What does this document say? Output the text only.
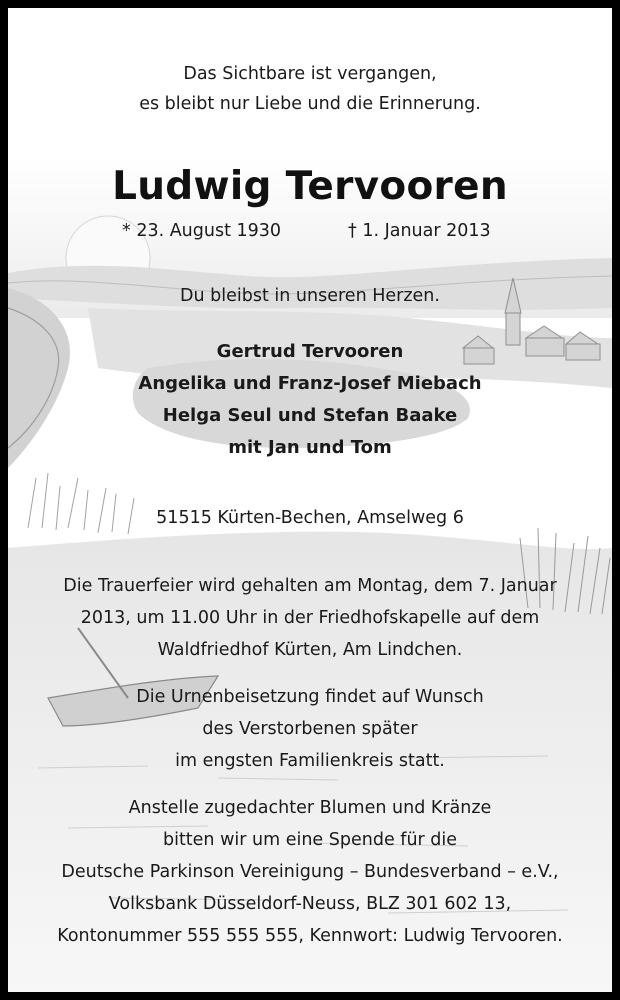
Das Sichtbare ist vergangen,
es bleibt nur Liebe und die Erinnerung.
Ludwig Tervooren
* 23. August 1930	† 1. Januar 2013
Du bleibst in unseren Herzen.
Gertrud Tervooren
Angelika und Franz-Josef Miebach
Helga Seul und Stefan Baake
mit Jan und Tom
51515 Kürten-Bechen, Amselweg 6
Die Trauerfeier wird gehalten am Montag, dem 7. Januar
2013, um 11.00 Uhr in der Friedhofskapelle auf dem
Waldfriedhof Kürten, Am Lindchen.
Die Urnenbeisetzung findet auf Wunsch
des Verstorbenen später
im engsten Familienkreis statt.
Anstelle zugedachter Blumen und Kränze
bitten wir um eine Spende für die
Deutsche Parkinson Vereinigung – Bundesverband – e.V.,
Volksbank Düsseldorf-Neuss, BLZ 301 602 13,
Kontonummer 555 555 555, Kennwort: Ludwig Tervooren.
